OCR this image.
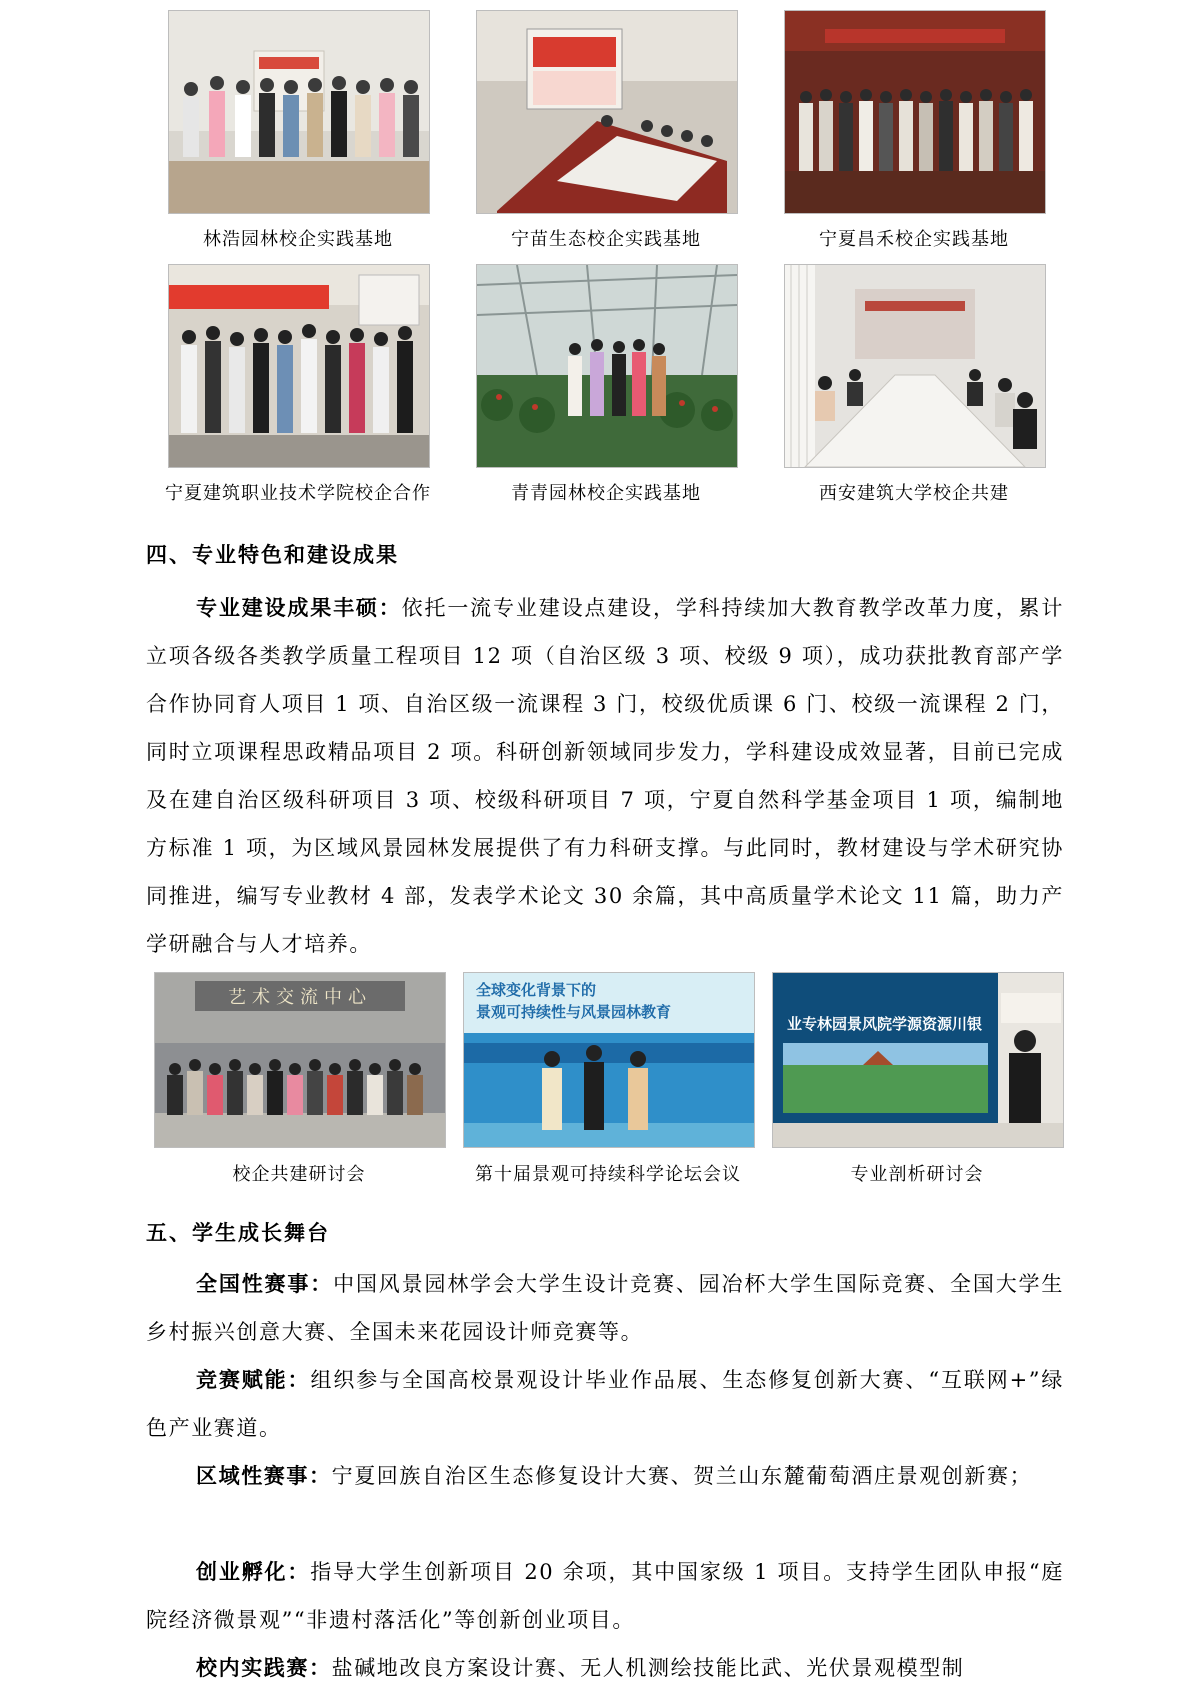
林浩园林校企实践基地	宁苗生态校企实践基地	宁夏昌禾校企实践基地
宁夏建筑职业技术学院校企合作	青青园林校企实践基地	西安建筑大学校企共建
四、专业特色和建设成果

专业建设成果丰硕：依托一流专业建设点建设，学科持续加大教育教学改革力度，累计立项各级各类教学质量工程项目 12 项（自治区级 3 项、校级 9 项），成功获批教育部产学合作协同育人项目 1 项、自治区级一流课程 3 门，校级优质课 6 门、校级一流课程 2 门，同时立项课程思政精品项目 2 项。科研创新领域同步发力，学科建设成效显著，目前已完成及在建自治区级科研项目 3 项、校级科研项目 7 项，宁夏自然科学基金项目 1 项，编制地方标准 1 项，为区域风景园林发展提供了有力科研支撑。与此同时，教材建设与学术研究协同推进，编写专业教材 4 部，发表学术论文 30 余篇，其中高质量学术论文 11 篇，助力产学研融合与人才培养。

艺术交流中心	全球变化背景下的
景观可持续性与风景园林教育
业专林园景风院学源资源川银
校企共建研讨会	第十届景观可持续科学论坛会议	专业剖析研讨会
五、学生成长舞台

全国性赛事：中国风景园林学会大学生设计竞赛、园冶杯大学生国际竞赛、全国大学生乡村振兴创意大赛、全国未来花园设计师竞赛等。

竞赛赋能：组织参与全国高校景观设计毕业作品展、生态修复创新大赛、“互联网+”绿色产业赛道。

区域性赛事：宁夏回族自治区生态修复设计大赛、贺兰山东麓葡萄酒庄景观创新赛；

创业孵化：指导大学生创新项目 20 余项，其中国家级 1 项目。支持学生团队申报“庭院经济微景观”“非遗村落活化”等创新创业项目。

校内实践赛：盐碱地改良方案设计赛、无人机测绘技能比武、光伏景观模型制
